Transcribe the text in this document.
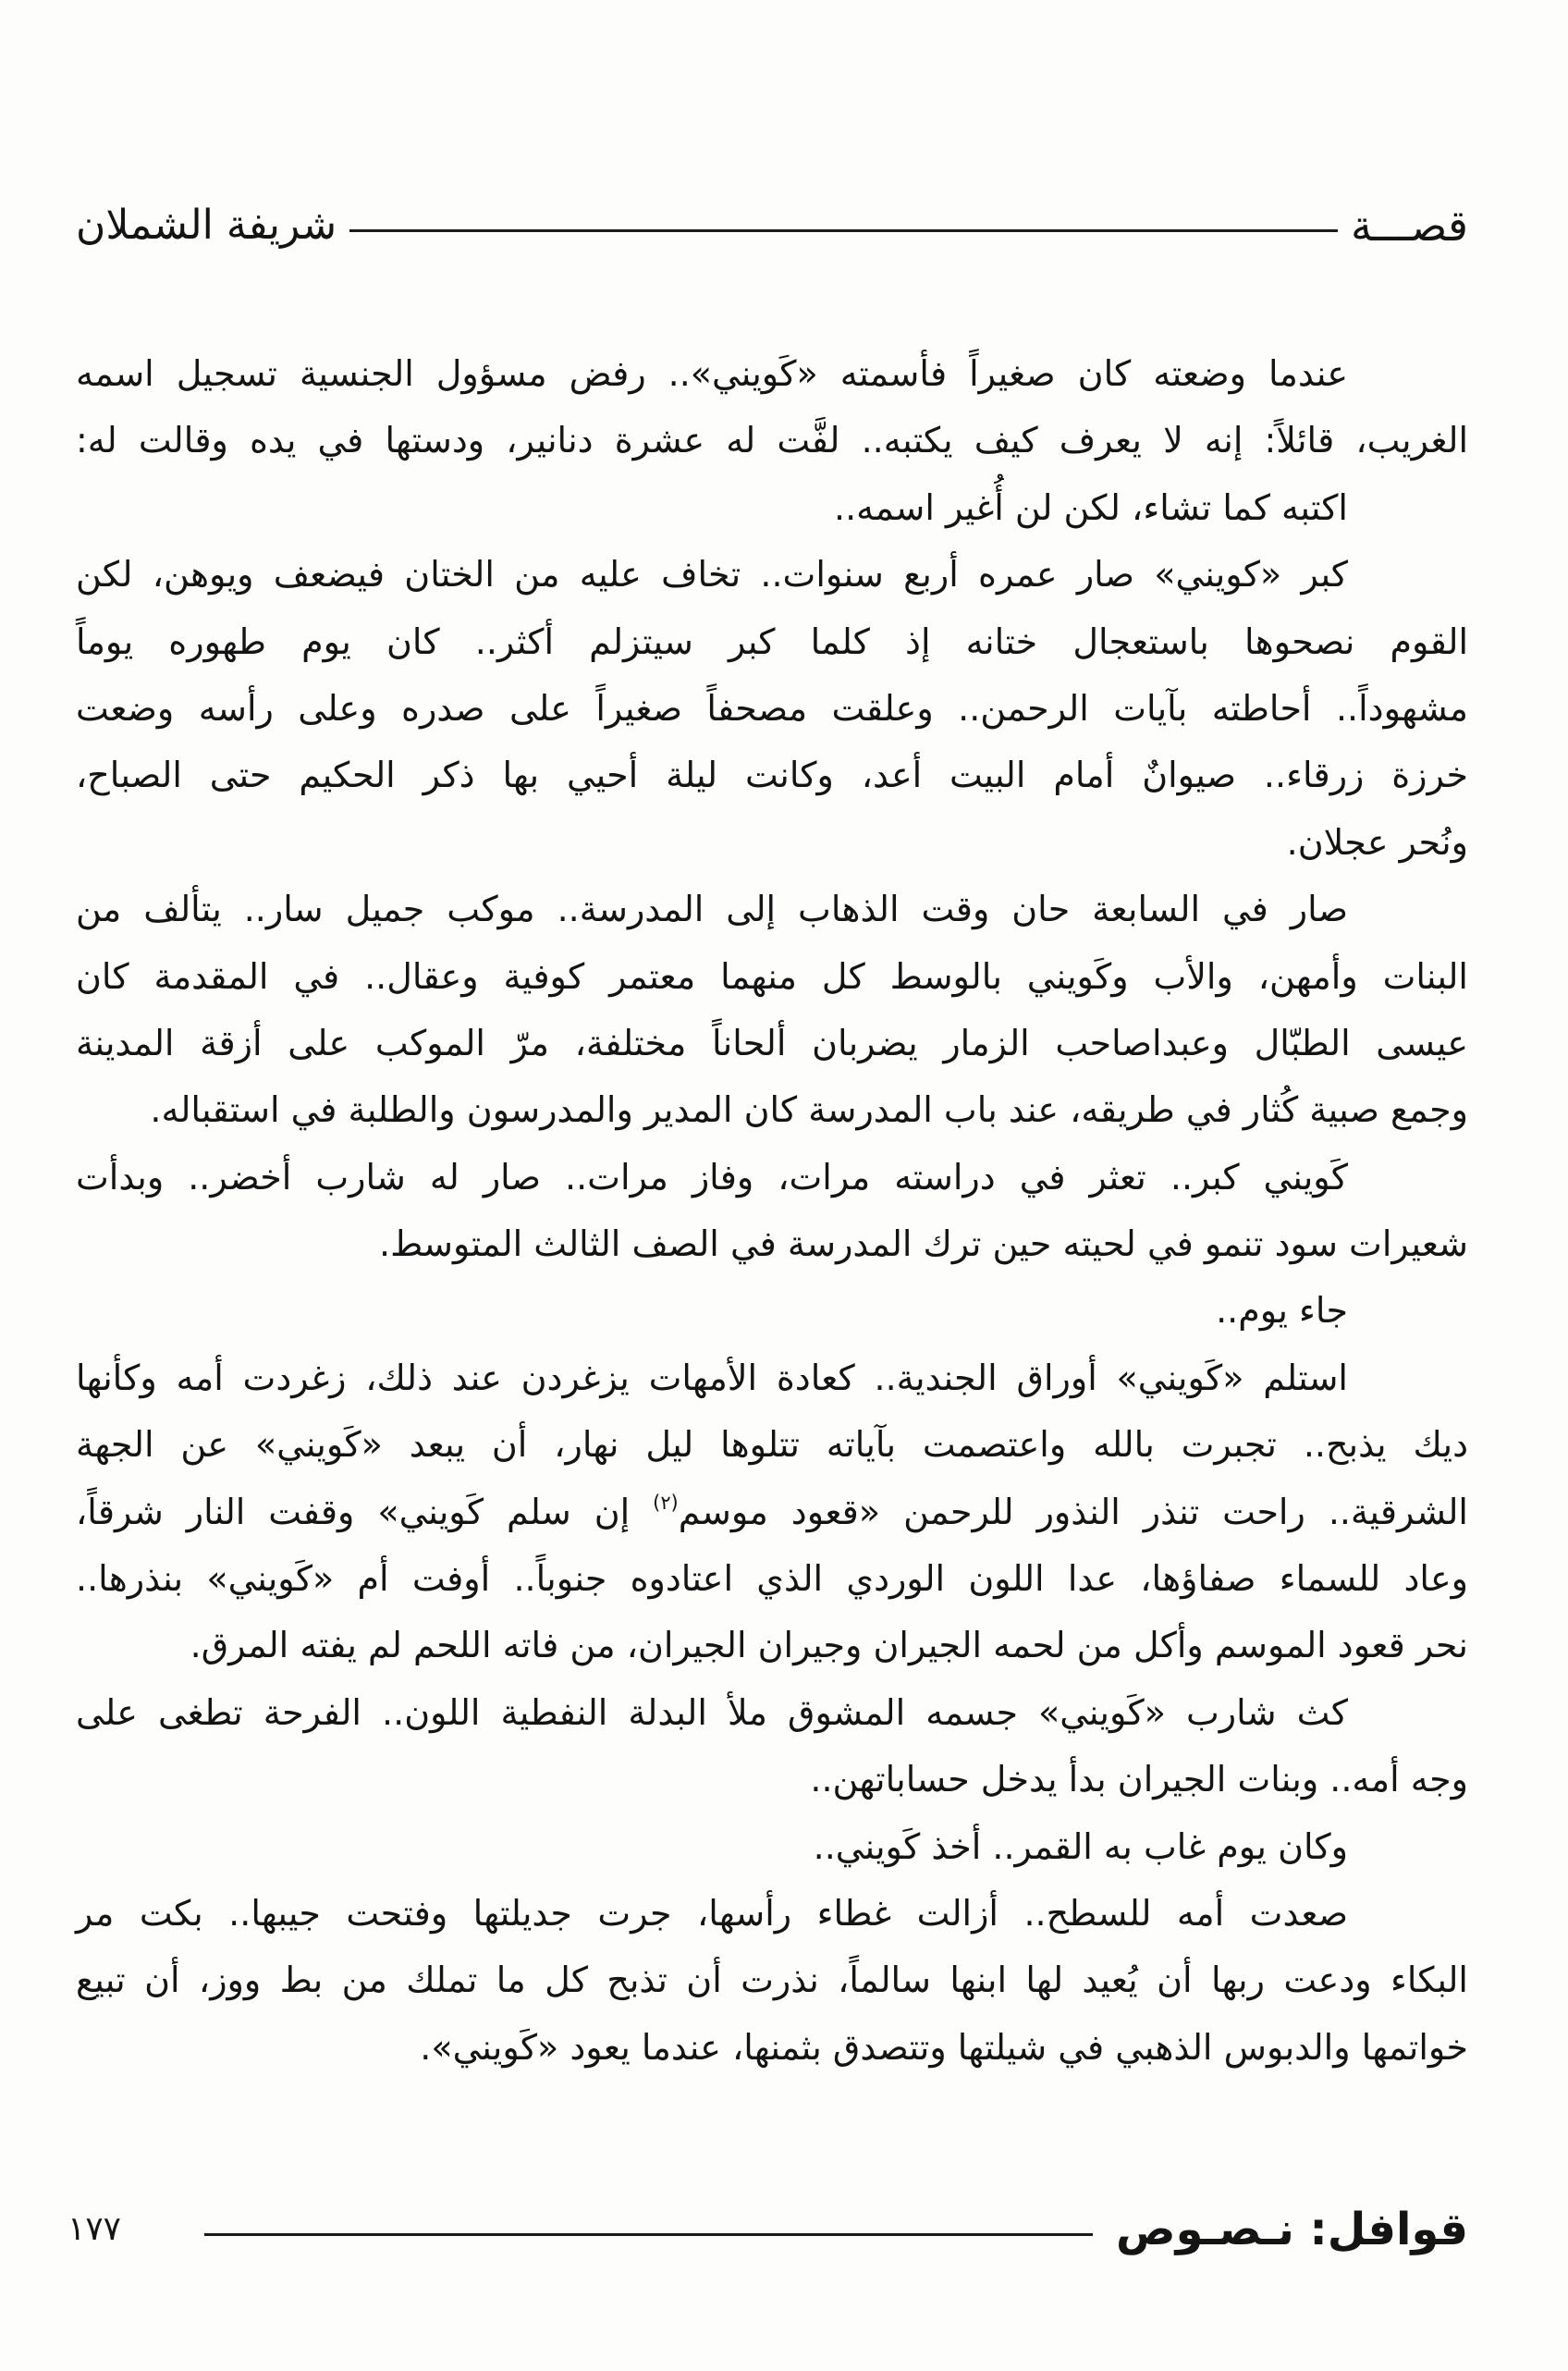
قصـــة
شريفة الشملان
عندما وضعته كان صغيراً فأسمته «كَويني».. رفض مسؤول الجنسية تسجيل اسمه
الغريب، قائلاً: إنه لا يعرف كيف يكتبه.. لفَّت له عشرة دنانير، ودستها في يده وقالت له:
اكتبه كما تشاء، لكن لن أُغير اسمه..
كبر «كويني» صار عمره أربع سنوات.. تخاف عليه من الختان فيضعف ويوهن، لكن
القوم نصحوها باستعجال ختانه إذ كلما كبر سيتزلم أكثر.. كان يوم طهوره يوماً
مشهوداً.. أحاطته بآيات الرحمن.. وعلقت مصحفاً صغيراً على صدره وعلى رأسه وضعت
خرزة زرقاء.. صيوانٌ أمام البيت أعد، وكانت ليلة أحيي بها ذكر الحكيم حتى الصباح،
ونُحر عجلان.
صار في السابعة حان وقت الذهاب إلى المدرسة.. موكب جميل سار.. يتألف من
البنات وأمهن، والأب وكَويني بالوسط كل منهما معتمر كوفية وعقال.. في المقدمة كان
عيسى الطبّال وعبداصاحب الزمار يضربان ألحاناً مختلفة، مرّ الموكب على أزقة المدينة
وجمع صبية كُثار في طريقه، عند باب المدرسة كان المدير والمدرسون والطلبة في استقباله.
كَويني كبر.. تعثر في دراسته مرات، وفاز مرات.. صار له شارب أخضر.. وبدأت
شعيرات سود تنمو في لحيته حين ترك المدرسة في الصف الثالث المتوسط.
جاء يوم..
استلم «كَويني» أوراق الجندية.. كعادة الأمهات يزغردن عند ذلك، زغردت أمه وكأنها
ديك يذبح.. تجبرت بالله واعتصمت بآياته تتلوها ليل نهار، أن يبعد «كَويني» عن الجهة
الشرقية.. راحت تنذر النذور للرحمن «قعود موسم$^{(٢)}$ إن سلم كَويني» وقفت النار شرقاً،
وعاد للسماء صفاؤها، عدا اللون الوردي الذي اعتادوه جنوباً.. أوفت أم «كَويني» بنذرها..
نحر قعود الموسم وأكل من لحمه الجيران وجيران الجيران، من فاته اللحم لم يفته المرق.
كث شارب «كَويني» جسمه المشوق ملأ البدلة النفطية اللون.. الفرحة تطغى على
وجه أمه.. وبنات الجيران بدأ يدخل حساباتهن..
وكان يوم غاب به القمر.. أخذ كَويني..
صعدت أمه للسطح.. أزالت غطاء رأسها، جرت جديلتها وفتحت جيبها.. بكت مر
البكاء ودعت ربها أن يُعيد لها ابنها سالماً، نذرت أن تذبح كل ما تملك من بط ووز، أن تبيع
خواتمها والدبوس الذهبي في شيلتها وتتصدق بثمنها، عندما يعود «كَويني».
قوافل: نـصـوص
١٧٧
